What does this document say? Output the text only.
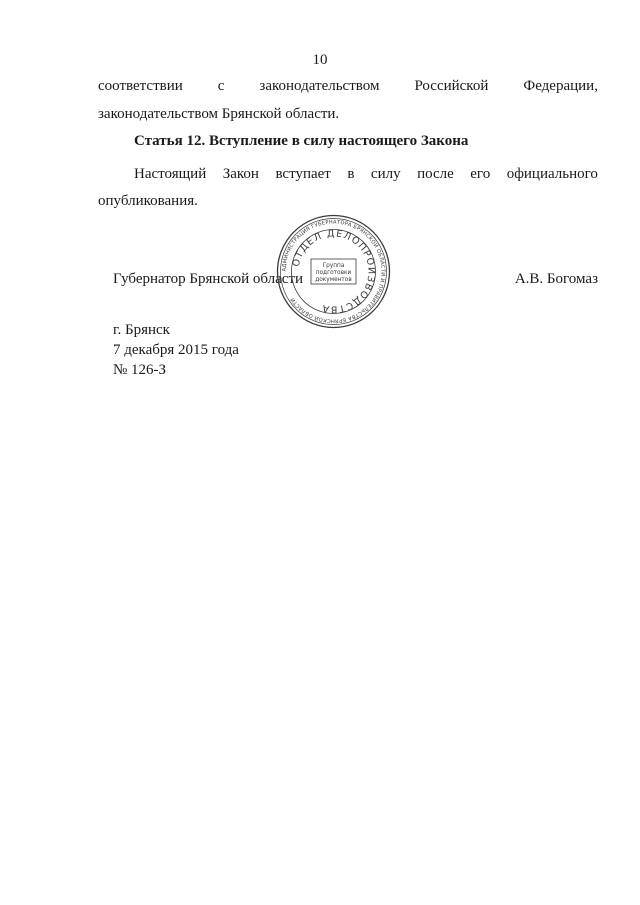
10
соответствии с законодательством Российской Федерации,
законодательством Брянской области.
Статья 12. Вступление в силу настоящего Закона
Настоящий Закон вступает в силу после его официального
опубликования.
Губернатор Брянской области	А.В. Богомаз
АДМИНИСТРАЦИЯ ГУБЕРНАТОРА БРЯНСКОЙ ОБЛАСТИ И ПРАВИТЕЛЬСТВА БРЯНСКОЙ ОБЛАСТИ
ОТДЕЛ ДЕЛОПРОИЗВОДСТВА
Группа
подготовки
документов
г. Брянск
7 декабря 2015 года
№ 126-З
